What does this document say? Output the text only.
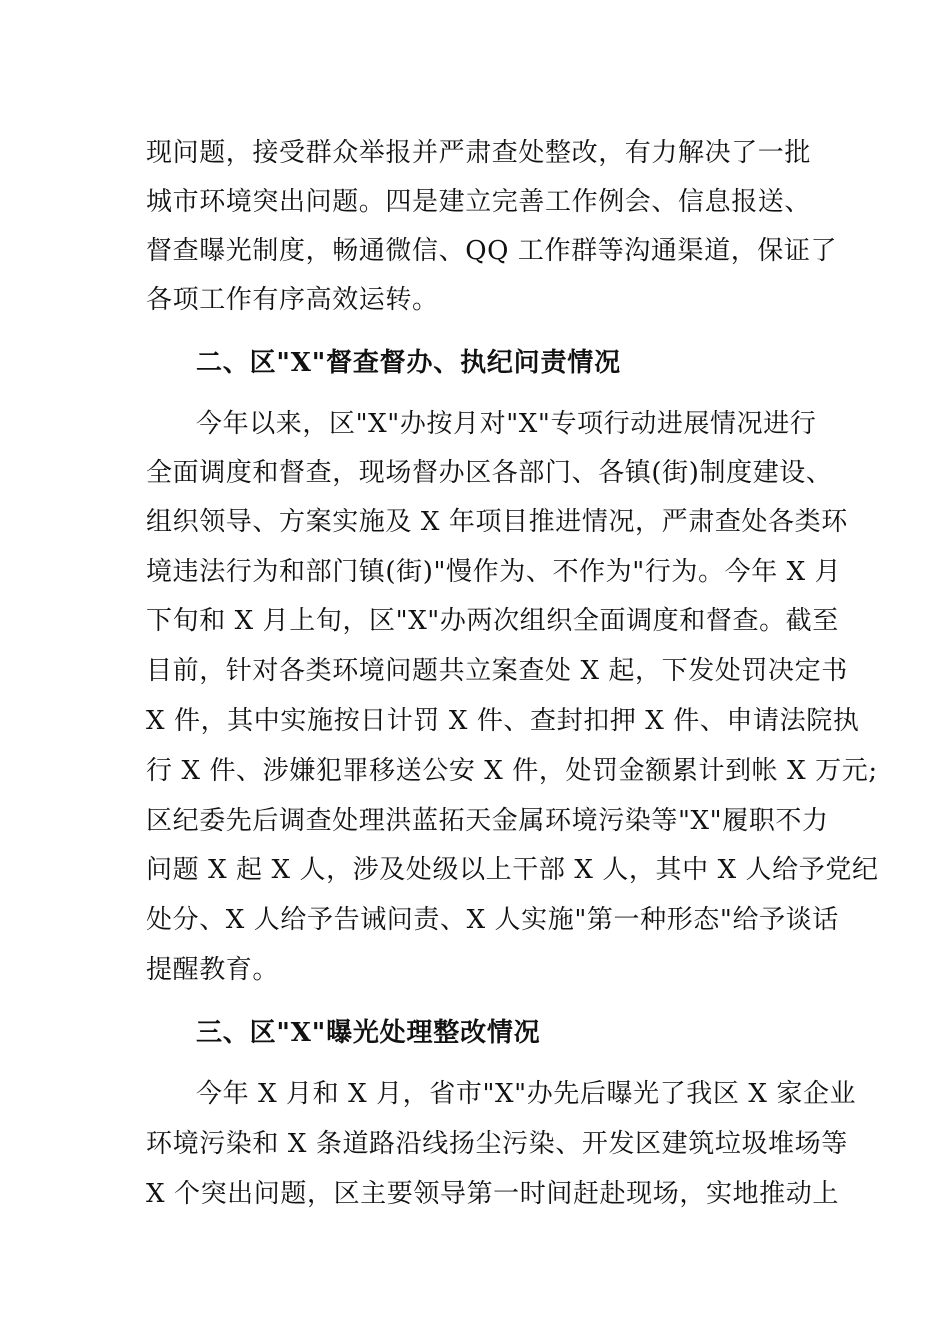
现问题，接受群众举报并严肃查处整改，有力解决了一批
城市环境突出问题。四是建立完善工作例会、信息报送、
督查曝光制度，畅通微信、QQ 工作群等沟通渠道，保证了
各项工作有序高效运转。
二、区"X"督查督办、执纪问责情况
今年以来，区"X"办按月对"X"专项行动进展情况进行
全面调度和督查，现场督办区各部门、各镇(街)制度建设、
组织领导、方案实施及 X 年项目推进情况，严肃查处各类环
境违法行为和部门镇(街)"慢作为、不作为"行为。今年 X 月
下旬和 X 月上旬，区"X"办两次组织全面调度和督查。截至
目前，针对各类环境问题共立案查处 X 起，下发处罚决定书
X 件，其中实施按日计罚 X 件、查封扣押 X 件、申请法院执
行 X 件、涉嫌犯罪移送公安 X 件，处罚金额累计到帐 X 万元;
区纪委先后调查处理洪蓝拓天金属环境污染等"X"履职不力
问题 X 起 X 人，涉及处级以上干部 X 人，其中 X 人给予党纪
处分、X 人给予告诫问责、X 人实施"第一种形态"给予谈话
提醒教育。
三、区"X"曝光处理整改情况
今年 X 月和 X 月，省市"X"办先后曝光了我区 X 家企业
环境污染和 X 条道路沿线扬尘污染、开发区建筑垃圾堆场等
X 个突出问题，区主要领导第一时间赶赴现场，实地推动上
